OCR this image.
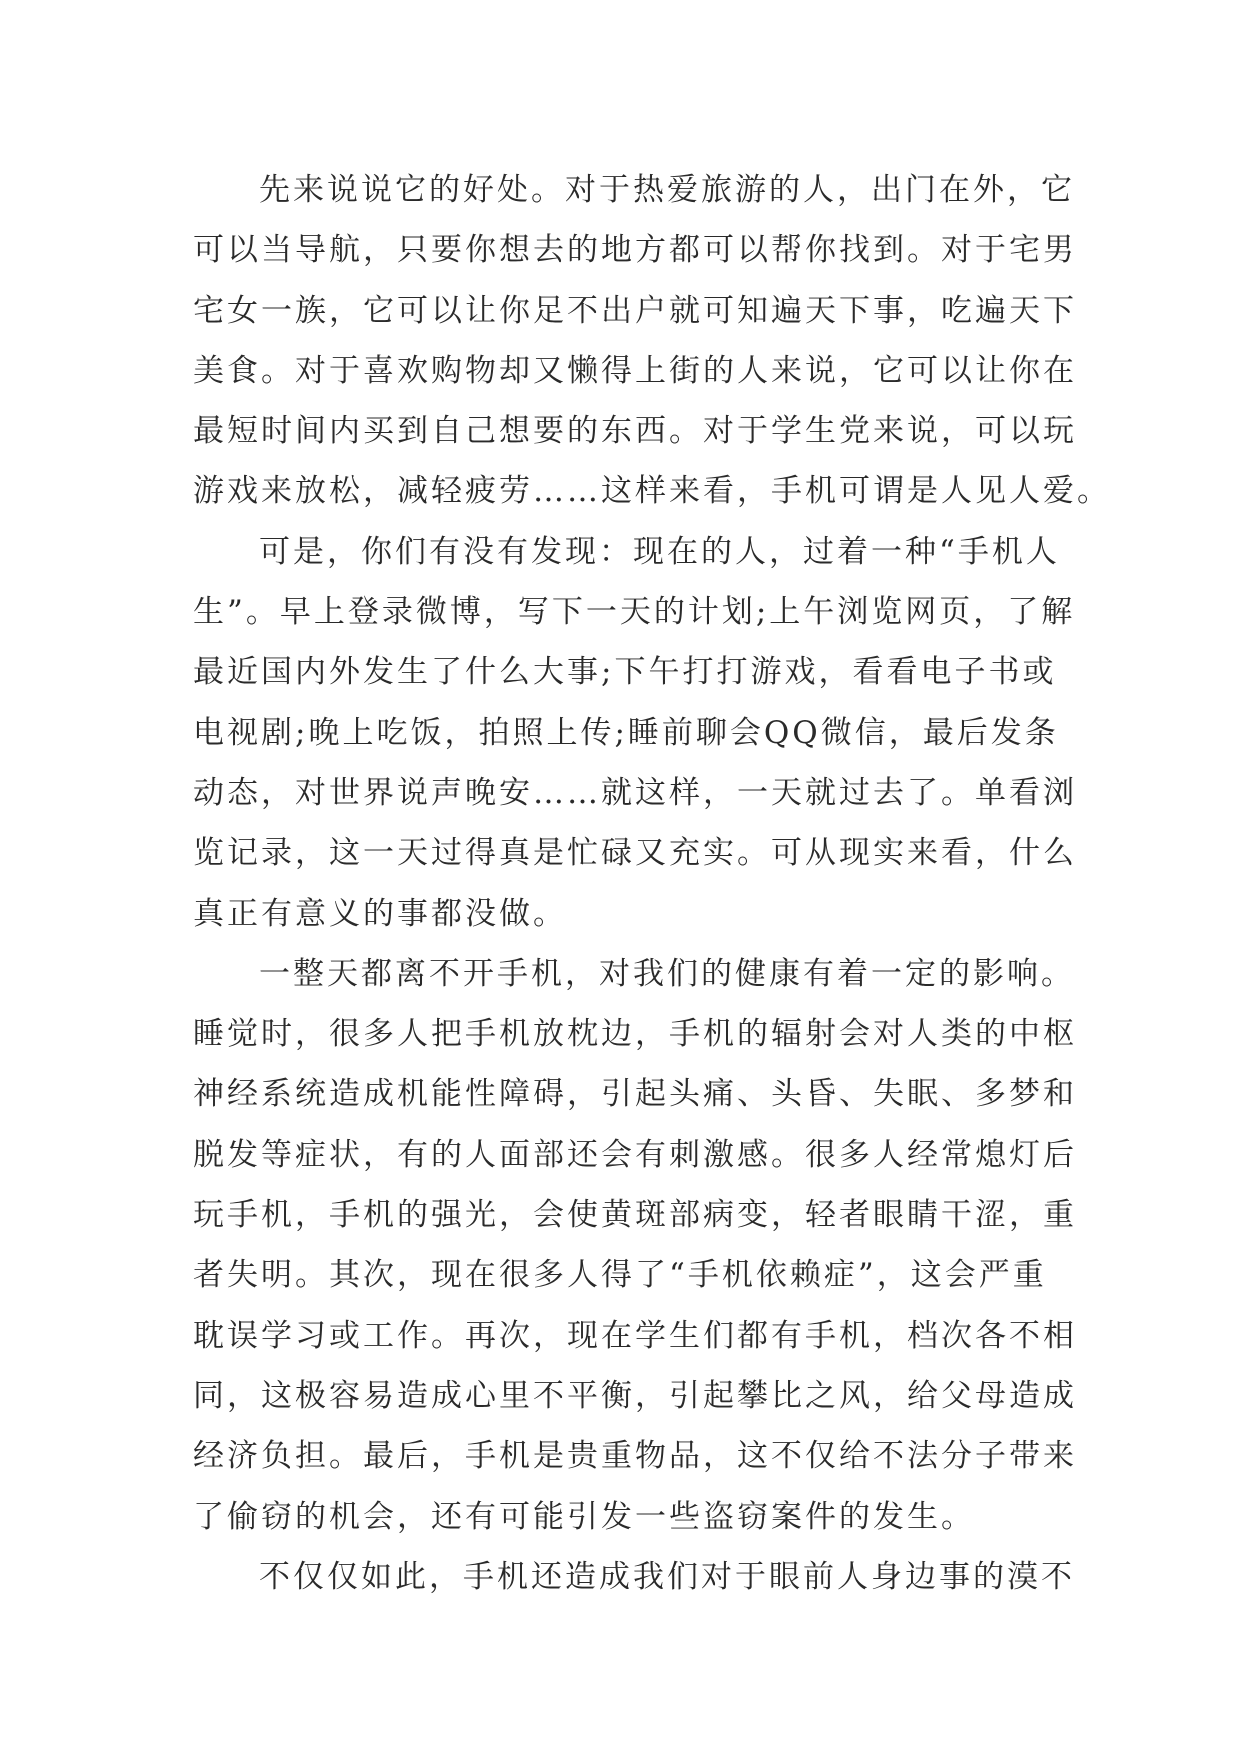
先来说说它的好处。对于热爱旅游的人，出门在外，它
可以当导航，只要你想去的地方都可以帮你找到。对于宅男
宅女一族，它可以让你足不出户就可知遍天下事，吃遍天下
美食。对于喜欢购物却又懒得上街的人来说，它可以让你在
最短时间内买到自己想要的东西。对于学生党来说，可以玩
游戏来放松，减轻疲劳……这样来看，手机可谓是人见人爱。
可是，你们有没有发现：现在的人，过着一种“手机人
生”。早上登录微博，写下一天的计划;上午浏览网页，了解
最近国内外发生了什么大事;下午打打游戏，看看电子书或
电视剧;晚上吃饭，拍照上传;睡前聊会QQ微信，最后发条
动态，对世界说声晚安……就这样，一天就过去了。单看浏
览记录，这一天过得真是忙碌又充实。可从现实来看，什么
真正有意义的事都没做。
一整天都离不开手机，对我们的健康有着一定的影响。
睡觉时，很多人把手机放枕边，手机的辐射会对人类的中枢
神经系统造成机能性障碍，引起头痛、头昏、失眠、多梦和
脱发等症状，有的人面部还会有刺激感。很多人经常熄灯后
玩手机，手机的强光，会使黄斑部病变，轻者眼睛干涩，重
者失明。其次，现在很多人得了“手机依赖症”，这会严重
耽误学习或工作。再次，现在学生们都有手机，档次各不相
同，这极容易造成心里不平衡，引起攀比之风，给父母造成
经济负担。最后，手机是贵重物品，这不仅给不法分子带来
了偷窃的机会，还有可能引发一些盗窃案件的发生。
不仅仅如此，手机还造成我们对于眼前人身边事的漠不
